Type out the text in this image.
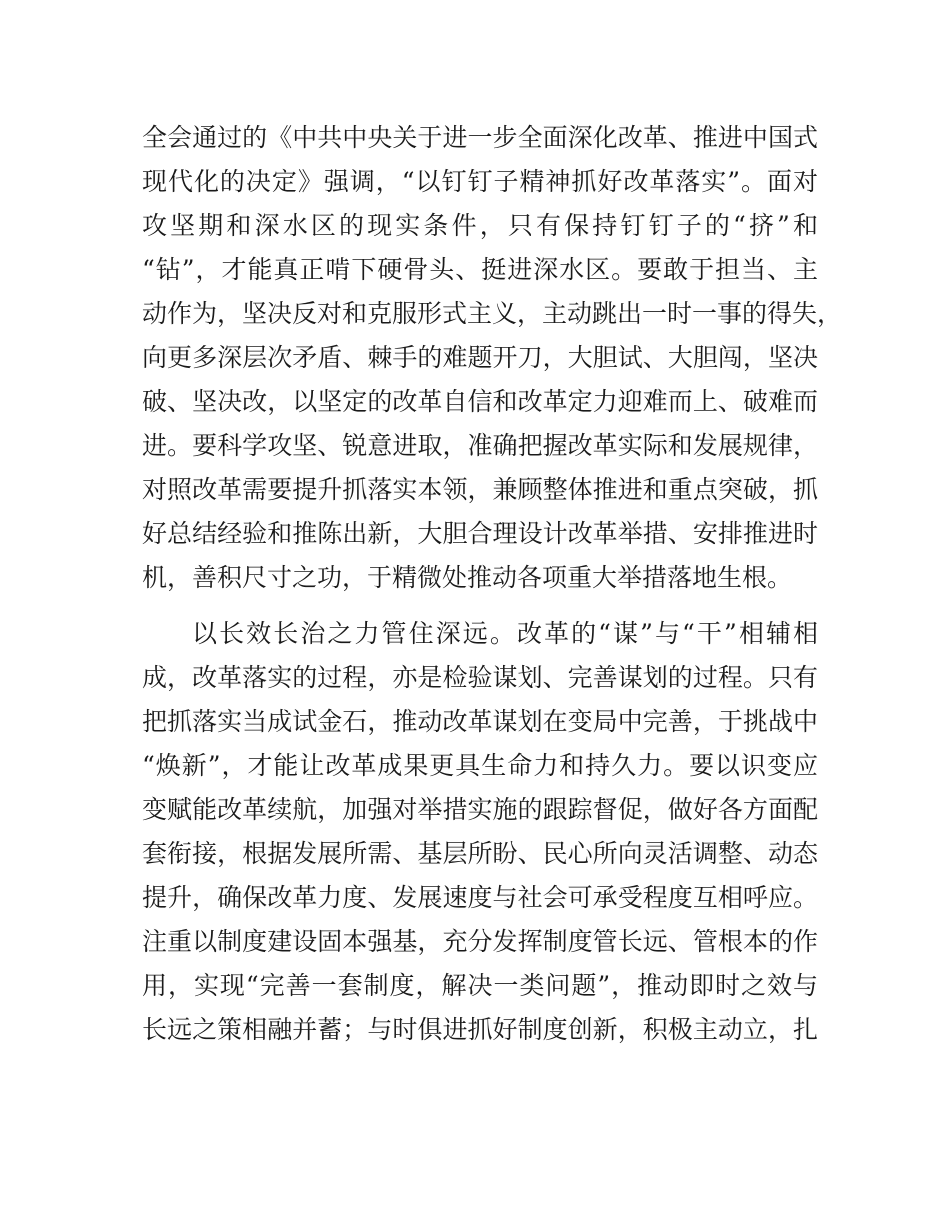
全会通过的《中共中央关于进一步全面深化改革、推进中国式
现代化的决定》强调，“以钉钉子精神抓好改革落实”。面对
攻坚期和深水区的现实条件，只有保持钉钉子的“挤”和
“钻”，才能真正啃下硬骨头、挺进深水区。要敢于担当、主
动作为，坚决反对和克服形式主义，主动跳出一时一事的得失，
向更多深层次矛盾、棘手的难题开刀，大胆试、大胆闯，坚决
破、坚决改，以坚定的改革自信和改革定力迎难而上、破难而
进。要科学攻坚、锐意进取，准确把握改革实际和发展规律，
对照改革需要提升抓落实本领，兼顾整体推进和重点突破，抓
好总结经验和推陈出新，大胆合理设计改革举措、安排推进时
机，善积尺寸之功，于精微处推动各项重大举措落地生根。
以长效长治之力管住深远。改革的“谋”与“干”相辅相
成，改革落实的过程，亦是检验谋划、完善谋划的过程。只有
把抓落实当成试金石，推动改革谋划在变局中完善，于挑战中
“焕新”，才能让改革成果更具生命力和持久力。要以识变应
变赋能改革续航，加强对举措实施的跟踪督促，做好各方面配
套衔接，根据发展所需、基层所盼、民心所向灵活调整、动态
提升，确保改革力度、发展速度与社会可承受程度互相呼应。
注重以制度建设固本强基，充分发挥制度管长远、管根本的作
用，实现“完善一套制度，解决一类问题”，推动即时之效与
长远之策相融并蓄；与时俱进抓好制度创新，积极主动立，扎
